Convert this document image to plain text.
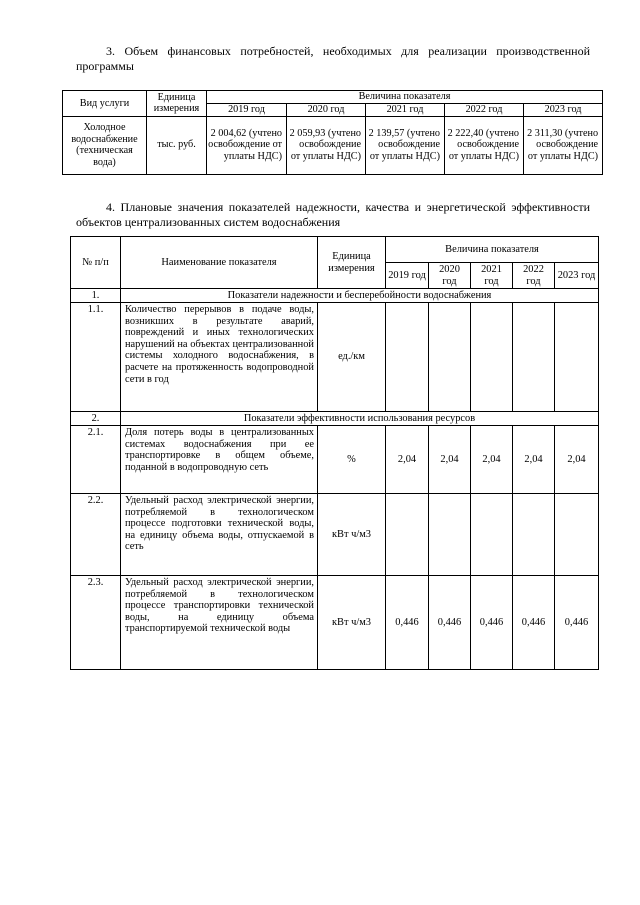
3. Объем финансовых потребностей, необходимых для реализации производственной программы

Вид услуги	Единица измерения	Величина показателя				
		2019 год	2020 год	2021 год	2022 год	2023 год
Холодное водоснабжение (техническая вода)	тыс. руб.	2 004,62 (учтено освобождение от уплаты НДС)	2 059,93 (учтено освобождение от уплаты НДС)	2 139,57 (учтено освобождение от уплаты НДС)	2 222,40 (учтено освобождение от уплаты НДС)	2 311,30 (учтено освобождение от уплаты НДС)

4. Плановые значения показателей надежности, качества и энергетической эффективности объектов централизованных систем водоснабжения

№ п/п	Наименование показателя	Единица измерения	Величина показателя				
			2019 год	2020 год	2021 год	2022 год	2023 год
1.	Показатели надежности и бесперебойности водоснабжения						
1.1.	Количество перерывов в подаче воды, возникших в результате аварий, повреждений и иных технологических нарушений на объектах централизованной системы холодного водоснабжения, в расчете на протяженность водопроводной сети в год	ед./км					
2.	Показатели эффективности использования ресурсов						
2.1.	Доля потерь воды в централизованных системах водоснабжения при ее транспортировке в общем объеме, поданной в водопроводную сеть	%	2,04	2,04	2,04	2,04	2,04
2.2.	Удельный расход электрической энергии, потребляемой в технологическом процессе подготовки технической воды, на единицу объема воды, отпускаемой в сеть	кВт ч/м3					
2.3.	Удельный расход электрической энергии, потребляемой в технологическом процессе транспортировки технической воды, на единицу объема транспортируемой технической воды	кВт ч/м3	0,446	0,446	0,446	0,446	0,446
